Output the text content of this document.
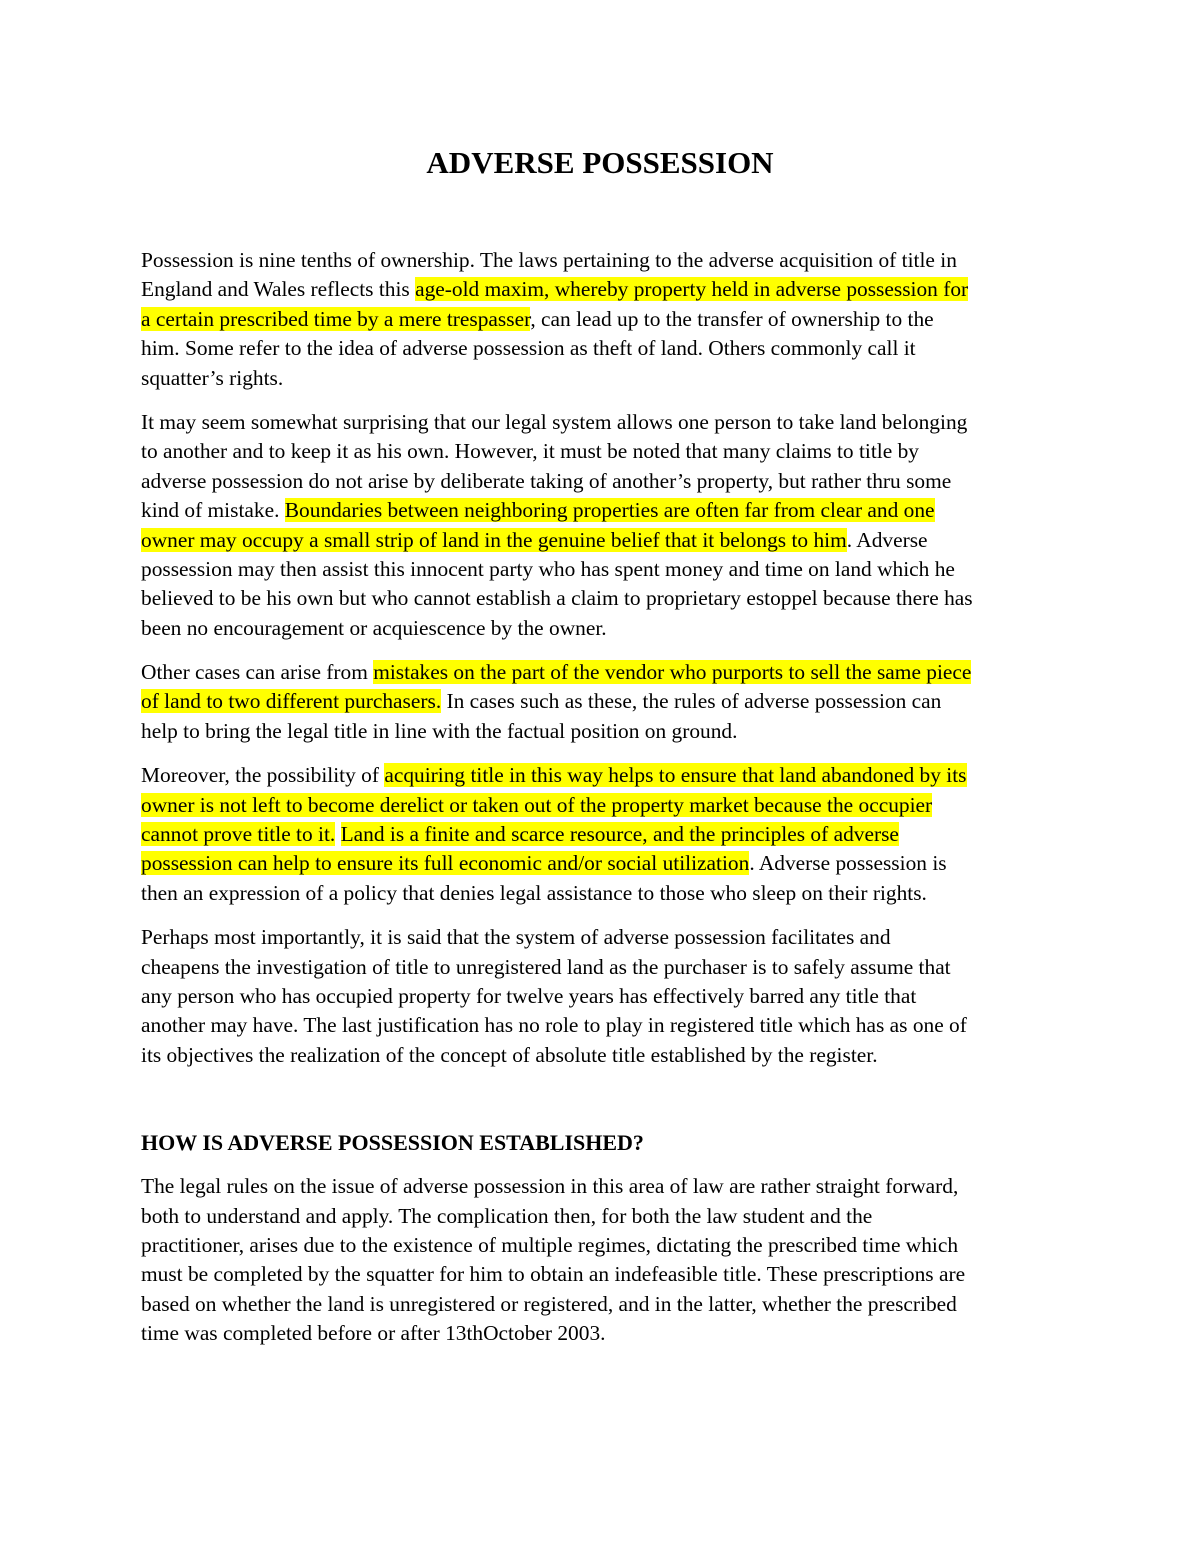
ADVERSE POSSESSION

Possession is nine tenths of ownership. The laws pertaining to the adverse acquisition of title in
England and Wales reflects this age-old maxim, whereby property held in adverse possession for
a certain prescribed time by a mere trespasser, can lead up to the transfer of ownership to the
him. Some refer to the idea of adverse possession as theft of land. Others commonly call it
squatter’s rights.

It may seem somewhat surprising that our legal system allows one person to take land belonging
to another and to keep it as his own. However, it must be noted that many claims to title by
adverse possession do not arise by deliberate taking of another’s property, but rather thru some
kind of mistake. Boundaries between neighboring properties are often far from clear and one
owner may occupy a small strip of land in the genuine belief that it belongs to him. Adverse
possession may then assist this innocent party who has spent money and time on land which he
believed to be his own but who cannot establish a claim to proprietary estoppel because there has
been no encouragement or acquiescence by the owner.

Other cases can arise from mistakes on the part of the vendor who purports to sell the same piece
of land to two different purchasers. In cases such as these, the rules of adverse possession can
help to bring the legal title in line with the factual position on ground.

Moreover, the possibility of acquiring title in this way helps to ensure that land abandoned by its
owner is not left to become derelict or taken out of the property market because the occupier
cannot prove title to it. Land is a finite and scarce resource, and the principles of adverse
possession can help to ensure its full economic and/or social utilization. Adverse possession is
then an expression of a policy that denies legal assistance to those who sleep on their rights.

Perhaps most importantly, it is said that the system of adverse possession facilitates and
cheapens the investigation of title to unregistered land as the purchaser is to safely assume that
any person who has occupied property for twelve years has effectively barred any title that
another may have. The last justification has no role to play in registered title which has as one of
its objectives the realization of the concept of absolute title established by the register.

HOW IS ADVERSE POSSESSION ESTABLISHED?

The legal rules on the issue of adverse possession in this area of law are rather straight forward,
both to understand and apply. The complication then, for both the law student and the
practitioner, arises due to the existence of multiple regimes, dictating the prescribed time which
must be completed by the squatter for him to obtain an indefeasible title. These prescriptions are
based on whether the land is unregistered or registered, and in the latter, whether the prescribed
time was completed before or after 13thOctober 2003.
